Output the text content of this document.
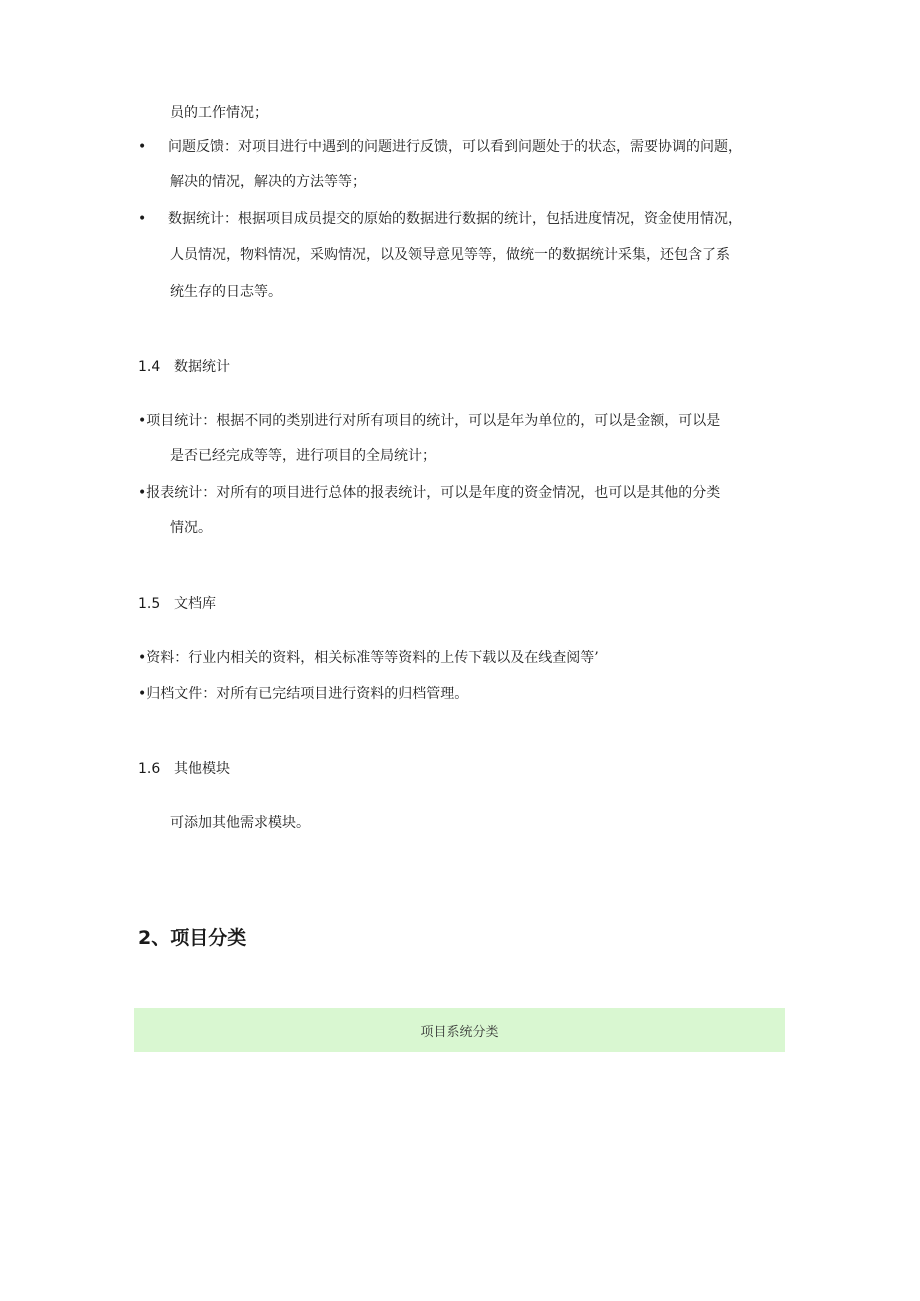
员的工作情况；
• 问题反馈：对项目进行中遇到的问题进行反馈，可以看到问题处于的状态，需要协调的问题，
解决的情况，解决的方法等等；
• 数据统计：根据项目成员提交的原始的数据进行数据的统计，包括进度情况，资金使用情况，
人员情况，物料情况，采购情况，以及领导意见等等，做统一的数据统计采集，还包含了系
统生存的日志等。
1.4 数据统计
•项目统计：根据不同的类别进行对所有项目的统计，可以是年为单位的，可以是金额，可以是
是否已经完成等等，进行项目的全局统计；
•报表统计：对所有的项目进行总体的报表统计，可以是年度的资金情况，也可以是其他的分类
情况。
1.5 文档库
•资料：行业内相关的资料，相关标准等等资料的上传下载以及在线查阅等’
•归档文件：对所有已完结项目进行资料的归档管理。
1.6 其他模块
可添加其他需求模块。
2、项目分类
项目系统分类
